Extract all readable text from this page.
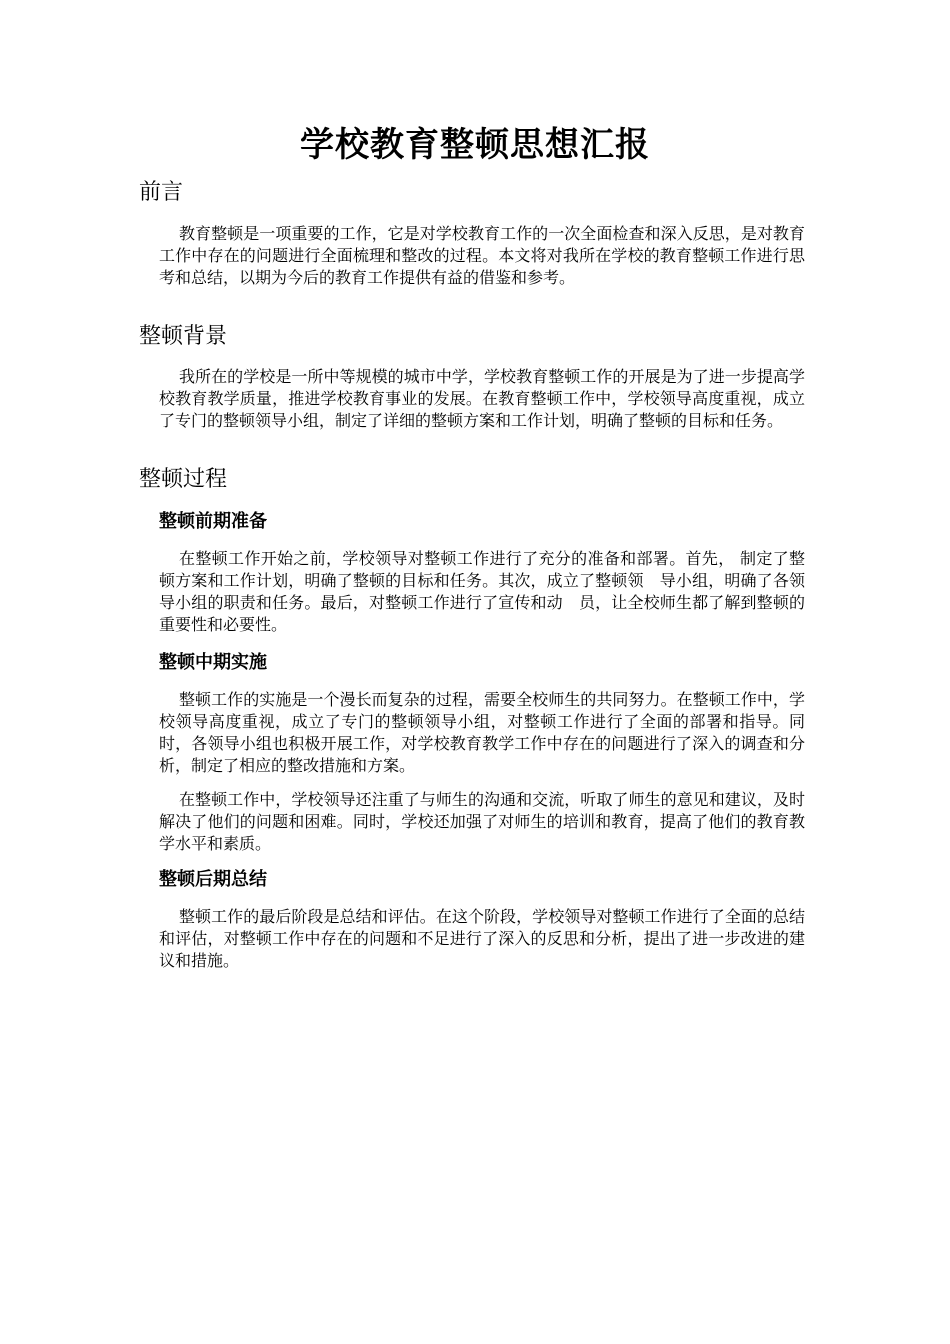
学校教育整顿思想汇报
前言

教育整顿是一项重要的工作，它是对学校教育工作的一次全面检查和深入反思，是对教育工作中存在的问题进行全面梳理和整改的过程。本文将对我所在学校的教育整顿工作进行思考和总结，以期为今后的教育工作提供有益的借鉴和参考。

整顿背景

我所在的学校是一所中等规模的城市中学，学校教育整顿工作的开展是为了进一步提高学校教育教学质量，推进学校教育事业的发展。在教育整顿工作中，学校领导高度重视，成立了专门的整顿领导小组，制定了详细的整顿方案和工作计划，明确了整顿的目标和任务。

整顿过程
整顿前期准备

在整顿工作开始之前，学校领导对整顿工作进行了充分的准备和部署。首先， 制定了整顿方案和工作计划，明确了整顿的目标和任务。其次，成立了整顿领　导小组，明确了各领导小组的职责和任务。最后，对整顿工作进行了宣传和动　员，让全校师生都了解到整顿的重要性和必要性。

整顿中期实施

整顿工作的实施是一个漫长而复杂的过程，需要全校师生的共同努力。在整顿工作中，学校领导高度重视，成立了专门的整顿领导小组，对整顿工作进行了全面的部署和指导。同时，各领导小组也积极开展工作，对学校教育教学工作中存在的问题进行了深入的调查和分析，制定了相应的整改措施和方案。

在整顿工作中，学校领导还注重了与师生的沟通和交流，听取了师生的意见和建议，及时解决了他们的问题和困难。同时，学校还加强了对师生的培训和教育，提高了他们的教育教学水平和素质。

整顿后期总结

整顿工作的最后阶段是总结和评估。在这个阶段，学校领导对整顿工作进行了全面的总结和评估，对整顿工作中存在的问题和不足进行了深入的反思和分析，提出了进一步改进的建议和措施。
